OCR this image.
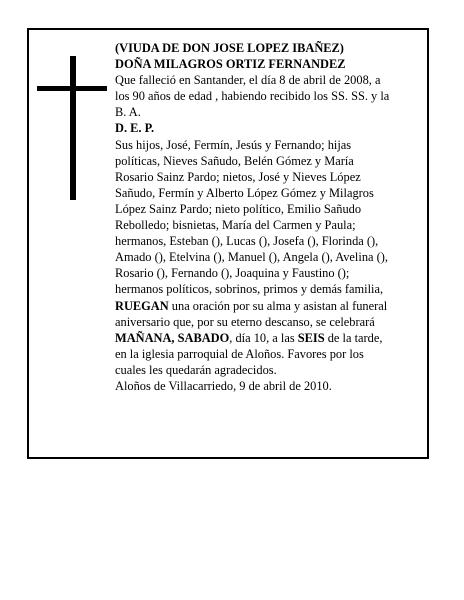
(VIUDA DE DON JOSE LOPEZ IBAÑEZ)
DOÑA MILAGROS ORTIZ FERNANDEZ
Que falleció en Santander, el día 8 de abril de 2008, a
los 90 años de edad , habiendo recibido los SS. SS. y la
B. A.
D. E. P.
Sus hijos, José, Fermín, Jesús y Fernando; hijas
políticas, Nieves Sañudo, Belén Gómez y María
Rosario Sainz Pardo; nietos, José y Nieves López
Sañudo, Fermín y Alberto López Gómez y Milagros
López Sainz Pardo; nieto político, Emilio Sañudo
Rebolledo; bisnietas, María del Carmen y Paula;
hermanos, Esteban (), Lucas (), Josefa (), Florinda (),
Amado (), Etelvina (), Manuel (), Angela (), Avelina (),
Rosario (), Fernando (), Joaquina y Faustino ();
hermanos políticos, sobrinos, primos y demás familia,
RUEGAN una oración por su alma y asistan al funeral
aniversario que, por su eterno descanso, se celebrará
MAÑANA, SABADO, día 10, a las SEIS de la tarde,
en la iglesia parroquial de Aloños. Favores por los
cuales les quedarán agradecidos.
Aloños de Villacarriedo, 9 de abril de 2010.
